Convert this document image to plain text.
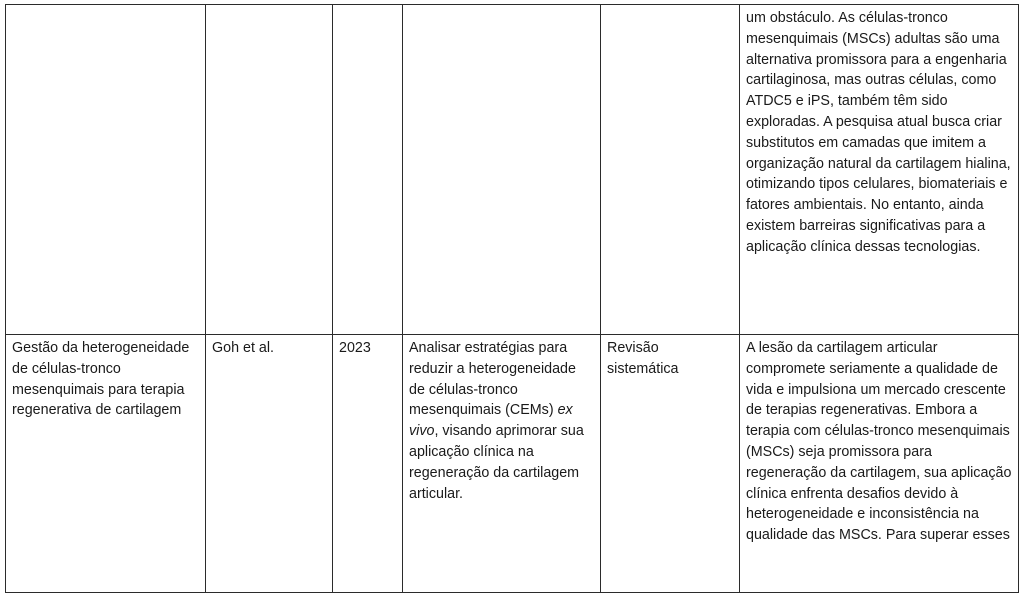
					um obstáculo. As células-tronco mesenquimais (MSCs) adultas são uma alternativa promissora para a engenharia cartilaginosa, mas outras células, como ATDC5 e iPS, também têm sido exploradas. A pesquisa atual busca criar substitutos em camadas que imitem a organização natural da cartilagem hialina, otimizando tipos celulares, biomateriais e fatores ambientais. No entanto, ainda existem barreiras significativas para a aplicação clínica dessas tecnologias.
Gestão da heterogeneidade de células-tronco mesenquimais para terapia regenerativa de cartilagem	Goh et al.	2023	Analisar estratégias para reduzir a heterogeneidade de células-tronco mesenquimais (CEMs) ex vivo, visando aprimorar sua aplicação clínica na regeneração da cartilagem articular.	Revisão sistemática	A lesão da cartilagem articular compromete seriamente a qualidade de vida e impulsiona um mercado crescente de terapias regenerativas. Embora a terapia com células-tronco mesenquimais (MSCs) seja promissora para regeneração da cartilagem, sua aplicação clínica enfrenta desafios devido à heterogeneidade e inconsistência na qualidade das MSCs. Para superar esses
